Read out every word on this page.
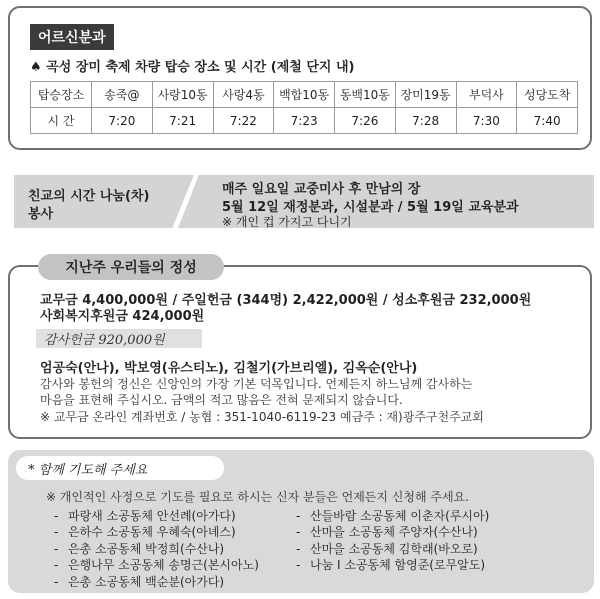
어르신분과
♠ 곡성 장미 축제 차량 탑승 장소 및 시간 (제철 단지 내)
탑승장소	송죽@	사랑10동	사랑4동	백합10동	동백10동	장미19동	부덕사	성당도착
시 간	7:20	7:21	7:22	7:23	7:26	7:28	7:30	7:40
친교의 시간 나눔(차)
봉사
매주 일요일 교중미사 후 만남의 장
5월 12일 재정분과, 시설분과 / 5월 19일 교육분과
※ 개인 컵 가지고 다니기
지난주 우리들의 정성
교무금 4,400,000원 / 주일헌금 (344명) 2,422,000원 / 성소후원금 232,000원
사회복지후원금 424,000원
감사헌금 920,000원
엄공숙(안나), 박보영(유스티노), 김철기(가브리엘), 김옥순(안나)
감사와 봉헌의 정신은 신앙인의 가장 기본 덕목입니다. 언제든지 하느님께 감사하는
마음을 표현해 주십시오. 금액의 적고 많음은 전혀 문제되지 않습니다.
※ 교무금 온라인 계좌번호 / 농협 : 351-1040-6119-23 예금주 : 재)광주구천주교회
* 함께 기도해 주세요
※ 개인적인 사정으로 기도를 필요로 하시는 신자 분들은 언제든지 신청해 주세요.
- 파랑새 소공동체 안선례(아가다)
- 은하수 소공동체 우혜숙(아녜스)
- 은총 소공동체 박정희(수산나)
- 은행나무 소공동체 송명근(본시아노)
- 은총 소공동체 백순분(아가다)
- 산들바람 소공동체 이춘자(루시아)
- 산마을 소공동체 주양자(수산나)
- 산마을 소공동체 김학래(바오로)
- 나눔 I 소공동체 함영준(로무알도)
